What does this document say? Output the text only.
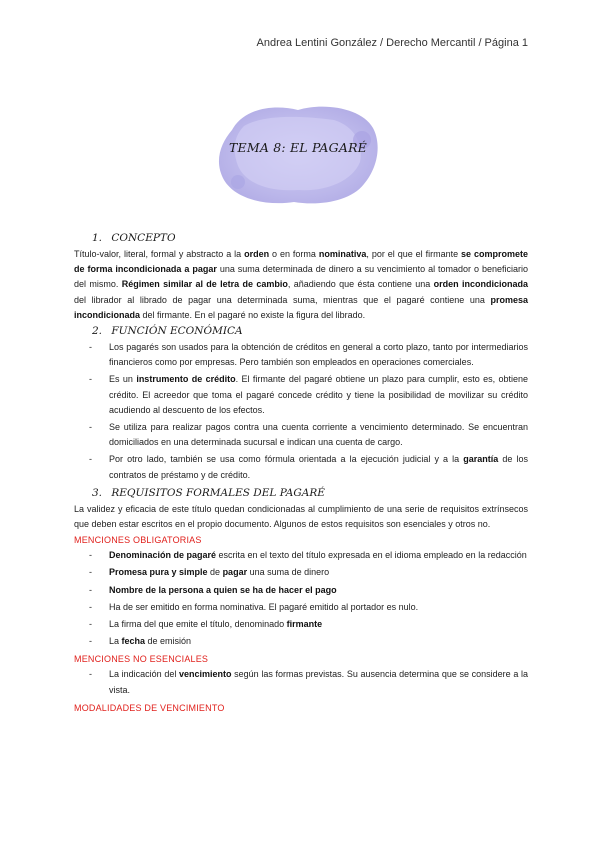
Andrea Lentini González / Derecho Mercantil / Página 1
TEMA 8: EL PAGARÉ
1. CONCEPTO

Título-valor, literal, formal y abstracto a la orden o en forma nominativa, por el que el firmante se compromete de forma incondicionada a pagar una suma determinada de dinero a su vencimiento al tomador o beneficiario del mismo. Régimen similar al de letra de cambio, añadiendo que ésta contiene una orden incondicionada del librador al librado de pagar una determinada suma, mientras que el pagaré contiene una promesa incondicionada del firmante. En el pagaré no existe la figura del librado.

2. FUNCIÓN ECONÓMICA
- Los pagarés son usados para la obtención de créditos en general a corto plazo, tanto por intermediarios financieros como por empresas. Pero también son empleados en operaciones comerciales.
- Es un instrumento de crédito. El firmante del pagaré obtiene un plazo para cumplir, esto es, obtiene crédito. El acreedor que toma el pagaré concede crédito y tiene la posibilidad de movilizar su crédito acudiendo al descuento de los efectos.
- Se utiliza para realizar pagos contra una cuenta corriente a vencimiento determinado. Se encuentran domiciliados en una determinada sucursal e indican una cuenta de cargo.
- Por otro lado, también se usa como fórmula orientada a la ejecución judicial y a la garantía de los contratos de préstamo y de crédito.
3. REQUISITOS FORMALES DEL PAGARÉ

La validez y eficacia de este título quedan condicionadas al cumplimiento de una serie de requisitos extrínsecos que deben estar escritos en el propio documento. Algunos de estos requisitos son esenciales y otros no.

MENCIONES OBLIGATORIAS
- Denominación de pagaré escrita en el texto del título expresada en el idioma empleado en la redacción
- Promesa pura y simple de pagar una suma de dinero
- Nombre de la persona a quien se ha de hacer el pago
- Ha de ser emitido en forma nominativa. El pagaré emitido al portador es nulo.
- La firma del que emite el título, denominado firmante
- La fecha de emisión
MENCIONES NO ESENCIALES
- La indicación del vencimiento según las formas previstas. Su ausencia determina que se considere a la vista.
MODALIDADES DE VENCIMIENTO
